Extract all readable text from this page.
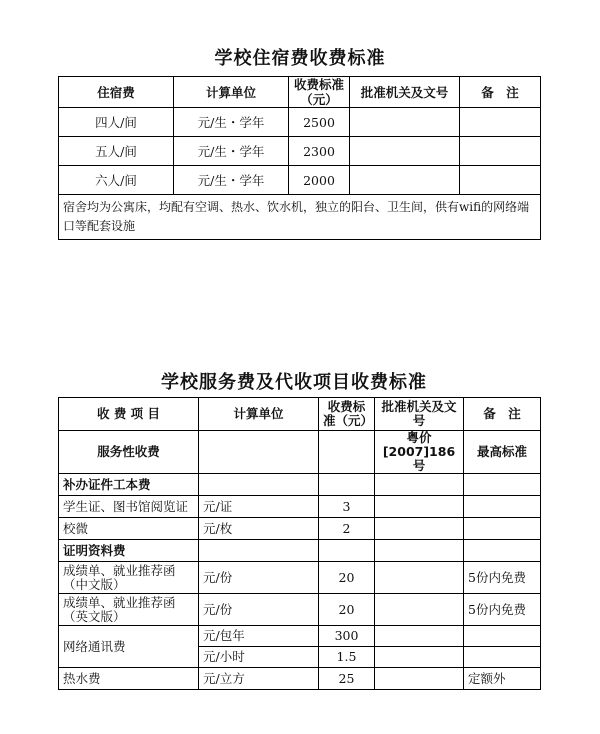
学校住宿费收费标准
住宿费	计算单位	收费标准（元）	批准机关及文号	备　注
四人/间	元/生・学年	2500		
五人/间	元/生・学年	2300		
六人/间	元/生・学年	2000		
宿舍均为公寓床，均配有空调、热水、饮水机，独立的阳台、卫生间，供有wifi的网络端口等配套设施				
学校服务费及代收项目收费标准
收 费 项 目	计算单位	收费标准（元）	批准机关及文号	备　注
服务性收费			粤价[2007]186号	最高标准
补办证件工本费				
学生证、图书馆阅览证	元/证	3		
校微	元/枚	2		
证明资料费				
成绩单、就业推荐函（中文版）	元/份	20		5份内免费
成绩单、就业推荐函（英文版）	元/份	20		5份内免费
网络通讯费	元/包年	300		
	元/小时	1.5		
热水费	元/立方	25		定额外
